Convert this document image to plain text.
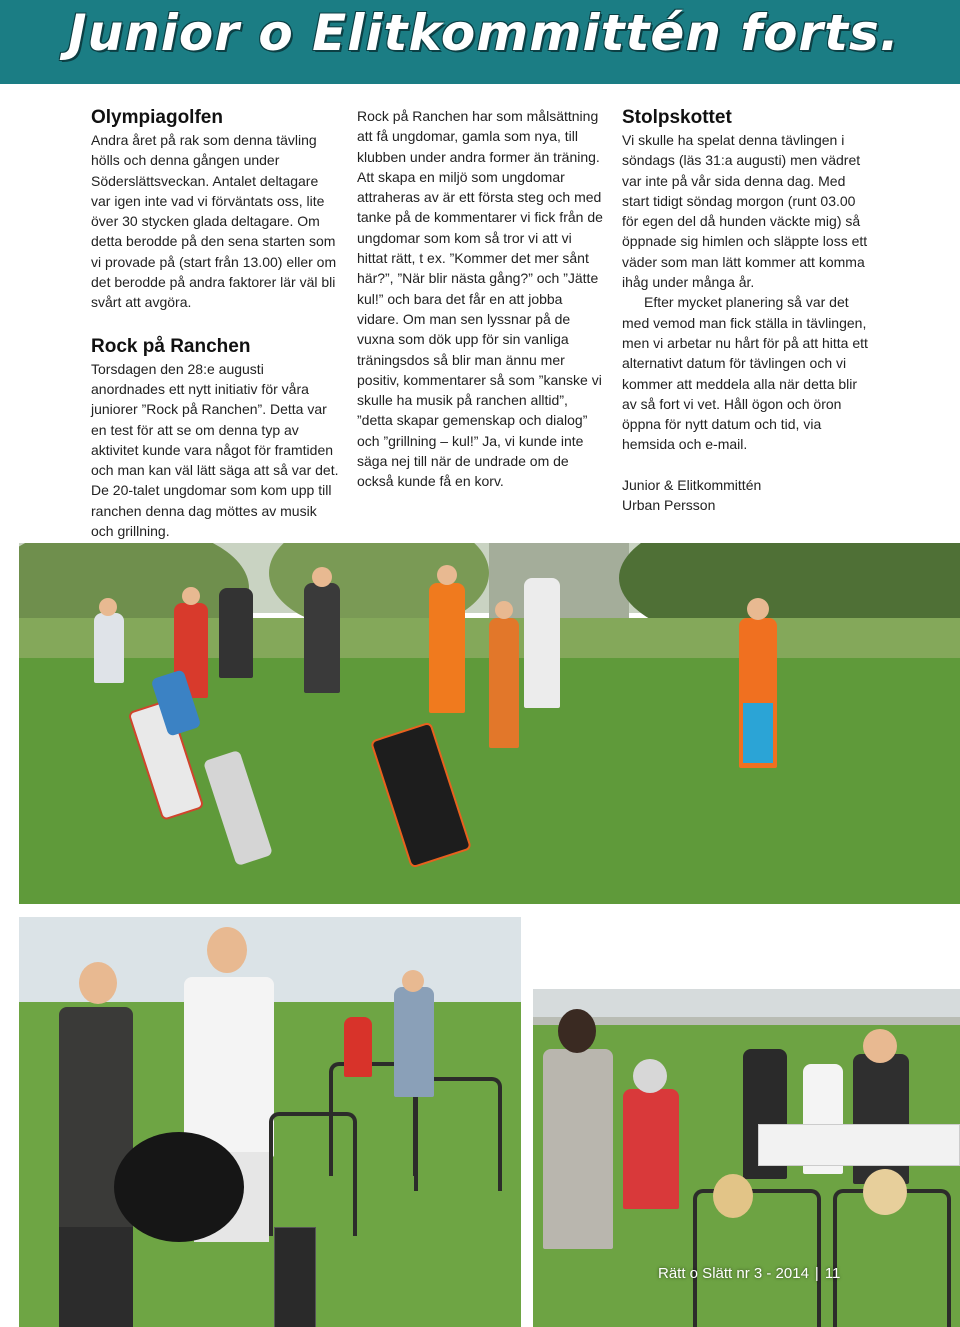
Junior o Elitkommittén forts.
Olympiagolfen

Andra året på rak som denna tävling hölls och denna gången under Söderslättsveckan. Antalet deltagare var igen inte vad vi förväntats oss, lite över 30 stycken glada deltagare. Om detta berodde på den sena starten som vi provade på (start från 13.00) eller om det berodde på andra faktorer lär väl bli svårt att avgöra.

Rock på Ranchen

Torsdagen den 28:e augusti anordnades ett nytt initiativ för våra juniorer ”Rock på Ranchen”. Detta var en test för att se om denna typ av aktivitet kunde vara något för framtiden och man kan väl lätt säga att så var det. De 20-talet ungdomar som kom upp till ranchen denna dag möttes av musik och grillning.

Rock på Ranchen har som målsättning att få ungdomar, gamla som nya, till klubben under andra former än träning. Att skapa en miljö som ungdomar attraheras av är ett första steg och med tanke på de kommentarer vi fick från de ungdomar som kom så tror vi att vi hittat rätt, t ex. ”Kommer det mer sånt här?”, ”När blir nästa gång?” och ”Jätte kul!” och bara det får en att jobba vidare. Om man sen lyssnar på de vuxna som dök upp för sin vanliga träningsdos så blir man ännu mer positiv, kommentarer så som ”kanske vi skulle ha musik på ranchen alltid”, ”detta skapar gemenskap och dialog” och ”grillning – kul!” Ja, vi kunde inte säga nej till när de undrade om de också kunde få en korv.

Stolpskottet

Vi skulle ha spelat denna tävlingen i söndags (läs 31:a augusti) men vädret var inte på vår sida denna dag. Med start tidigt söndag morgon (runt 03.00 för egen del då hunden väckte mig) så öppnade sig himlen och släppte loss ett väder som man lätt kommer att komma ihåg under många år.

Efter mycket planering så var det med vemod man fick ställa in tävlingen, men vi arbetar nu hårt för på att hitta ett alternativt datum för tävlingen och vi kommer att meddela alla när detta blir av så fort vi vet. Håll ögon och öron öppna för nytt datum och tid, via hemsida och e-mail.

Junior & Elitkommittén

Urban Persson

Rätt o Slätt nr 3 - 2014 | 11
